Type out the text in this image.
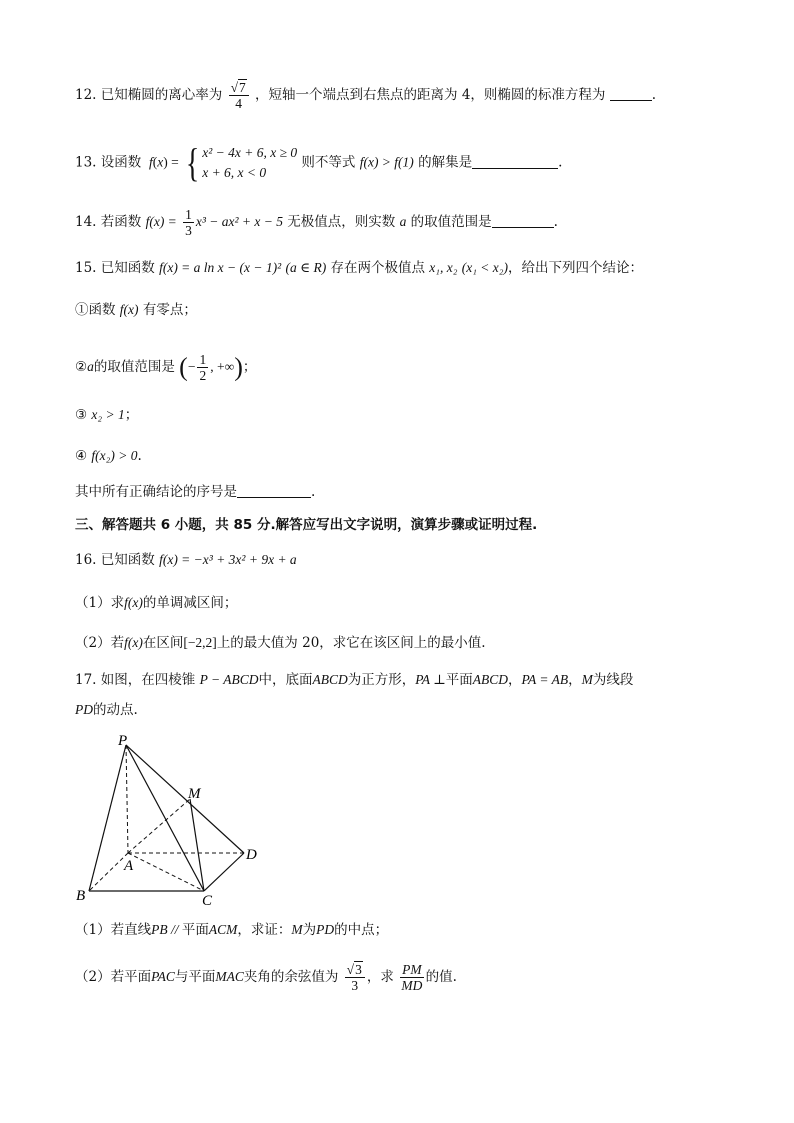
12. 已知椭圆的离心率为 $\frac{√7}{4}$ ，短轴一个端点到右焦点的距离为 4，则椭圆的标准方程为	.
13. 设函数  f(x) = { x² − 4x + 6, x ≥ 0
x + 6, x < 0
则不等式 f(x) > f(1) 的解集是	.
14. 若函数 $f(x) = \frac{1}{3} x^3 - ax^2 + x - 5$ 无极值点，则实数 a 的取值范围是	.
15. 已知函数 f(x) = a ln x − (x − 1)² (a ∈ R) 存在两个极值点 x₁, x₂ (x₁ < x₂)，给出下列四个结论：
①函数 f(x) 有零点；
②a的取值范围是 (− $\frac{1}{2}$ , +∞)；
③ x₂ > 1；
④ f(x₂) > 0.
其中所有正确结论的序号是	.
三、解答题共 6 小题，共 85 分.解答应写出文字说明，演算步骤或证明过程.
16. 已知函数 f(x) = −x³ + 3x² + 9x + a
（1）求f(x)的单调减区间；
（2）若f(x)在区间[−2,2]上的最大值为 20，求它在该区间上的最小值.
17. 如图，在四棱锥 P − ABCD中，底面ABCD为正方形，PA ⊥平面ABCD，PA = AB，M为线段
PD的动点.
P
M
A
B	C
D
（1）若直线PB // 平面ACM，求证：M为PD的中点；
（2）若平面PAC与平面MAC夹角的余弦值为 $\frac{√3}{3}$ ，求 $\frac{PM}{MD}$ 的值.
